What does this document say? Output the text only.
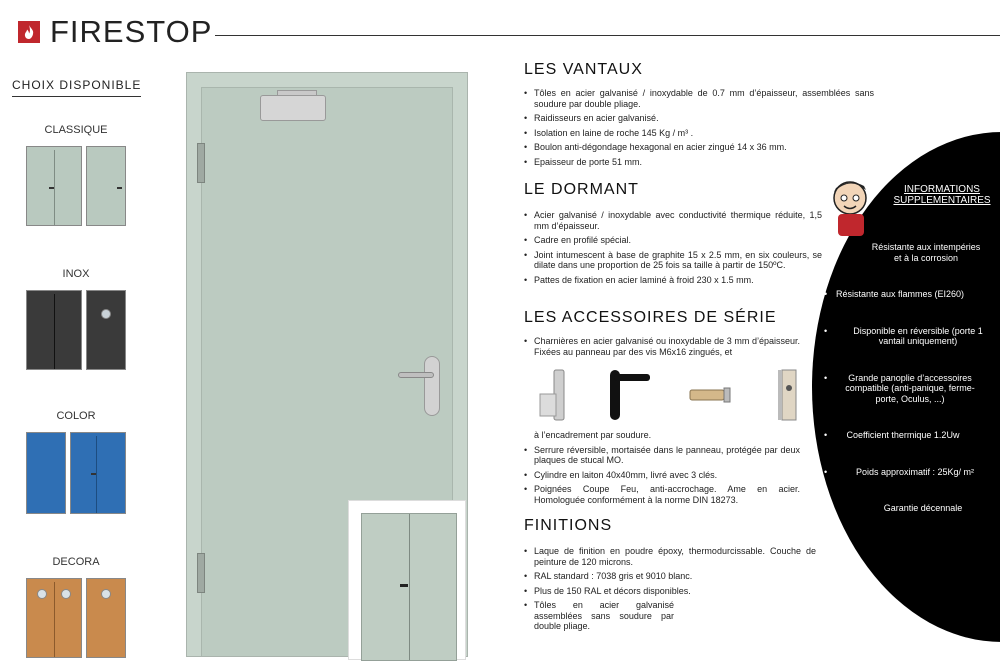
FIRESTOP
CHOIX DISPONIBLE
CLASSIQUE
INOX
COLOR
DECORA
LES VANTAUX
• Tôles en acier galvanisé / inoxydable de 0.7 mm d’épaisseur, assemblées sans soudure par double pliage.
• Raidisseurs en acier galvanisé.
• Isolation en laine de roche 145 Kg / m³ .
• Boulon anti-dégondage hexagonal en acier zingué 14 x 36 mm.
• Epaisseur de porte 51 mm.
LE DORMANT
• Acier galvanisé / inoxydable avec conductivité thermique réduite, 1,5 mm d’épaisseur.
• Cadre en profilé spécial.
• Joint intumescent à base de graphite 15 x 2.5 mm, en six couleurs, se dilate dans une proportion de 25 fois sa taille à partir de 150ºC.
• Pattes de fixation en acier laminé à froid 230 x 1.5 mm.
LES ACCESSOIRES DE SÉRIE
• Charnières en acier galvanisé ou inoxydable de 3 mm d’épaisseur. Fixées au panneau par des vis M6x16 zingués, et
à l’encadrement par soudure.
• Serrure réversible, mortaisée dans le panneau, protégée par deux plaques de stucal MO.
• Cylindre en laiton 40x40mm, livré avec 3 clés.
• Poignées Coupe Feu, anti-accrochage. Ame en acier. Homologuée conformément à la norme DIN 18273.
FINITIONS
• Laque de finition en poudre époxy, thermodurcissable. Couche de peinture de 120 microns.
• RAL standard : 7038 gris et 9010 blanc.
• Plus de 150 RAL et décors disponibles.
• Tôles en acier galvanisé assemblées sans soudure par double pliage.
INFORMATIONS
SUPPLEMENTAIRES
• Résistante aux intempéries et à la corrosion
• Résistante aux flammes (EI260)
• Disponible en réversible (porte 1 vantail uniquement)
• Grande panoplie d’accessoires compatible (anti-panique, ferme-porte, Oculus, ...)
• Coefficient thermique 1.2Uw
• Poids approximatif : 25Kg/ m²
• Garantie décennale
